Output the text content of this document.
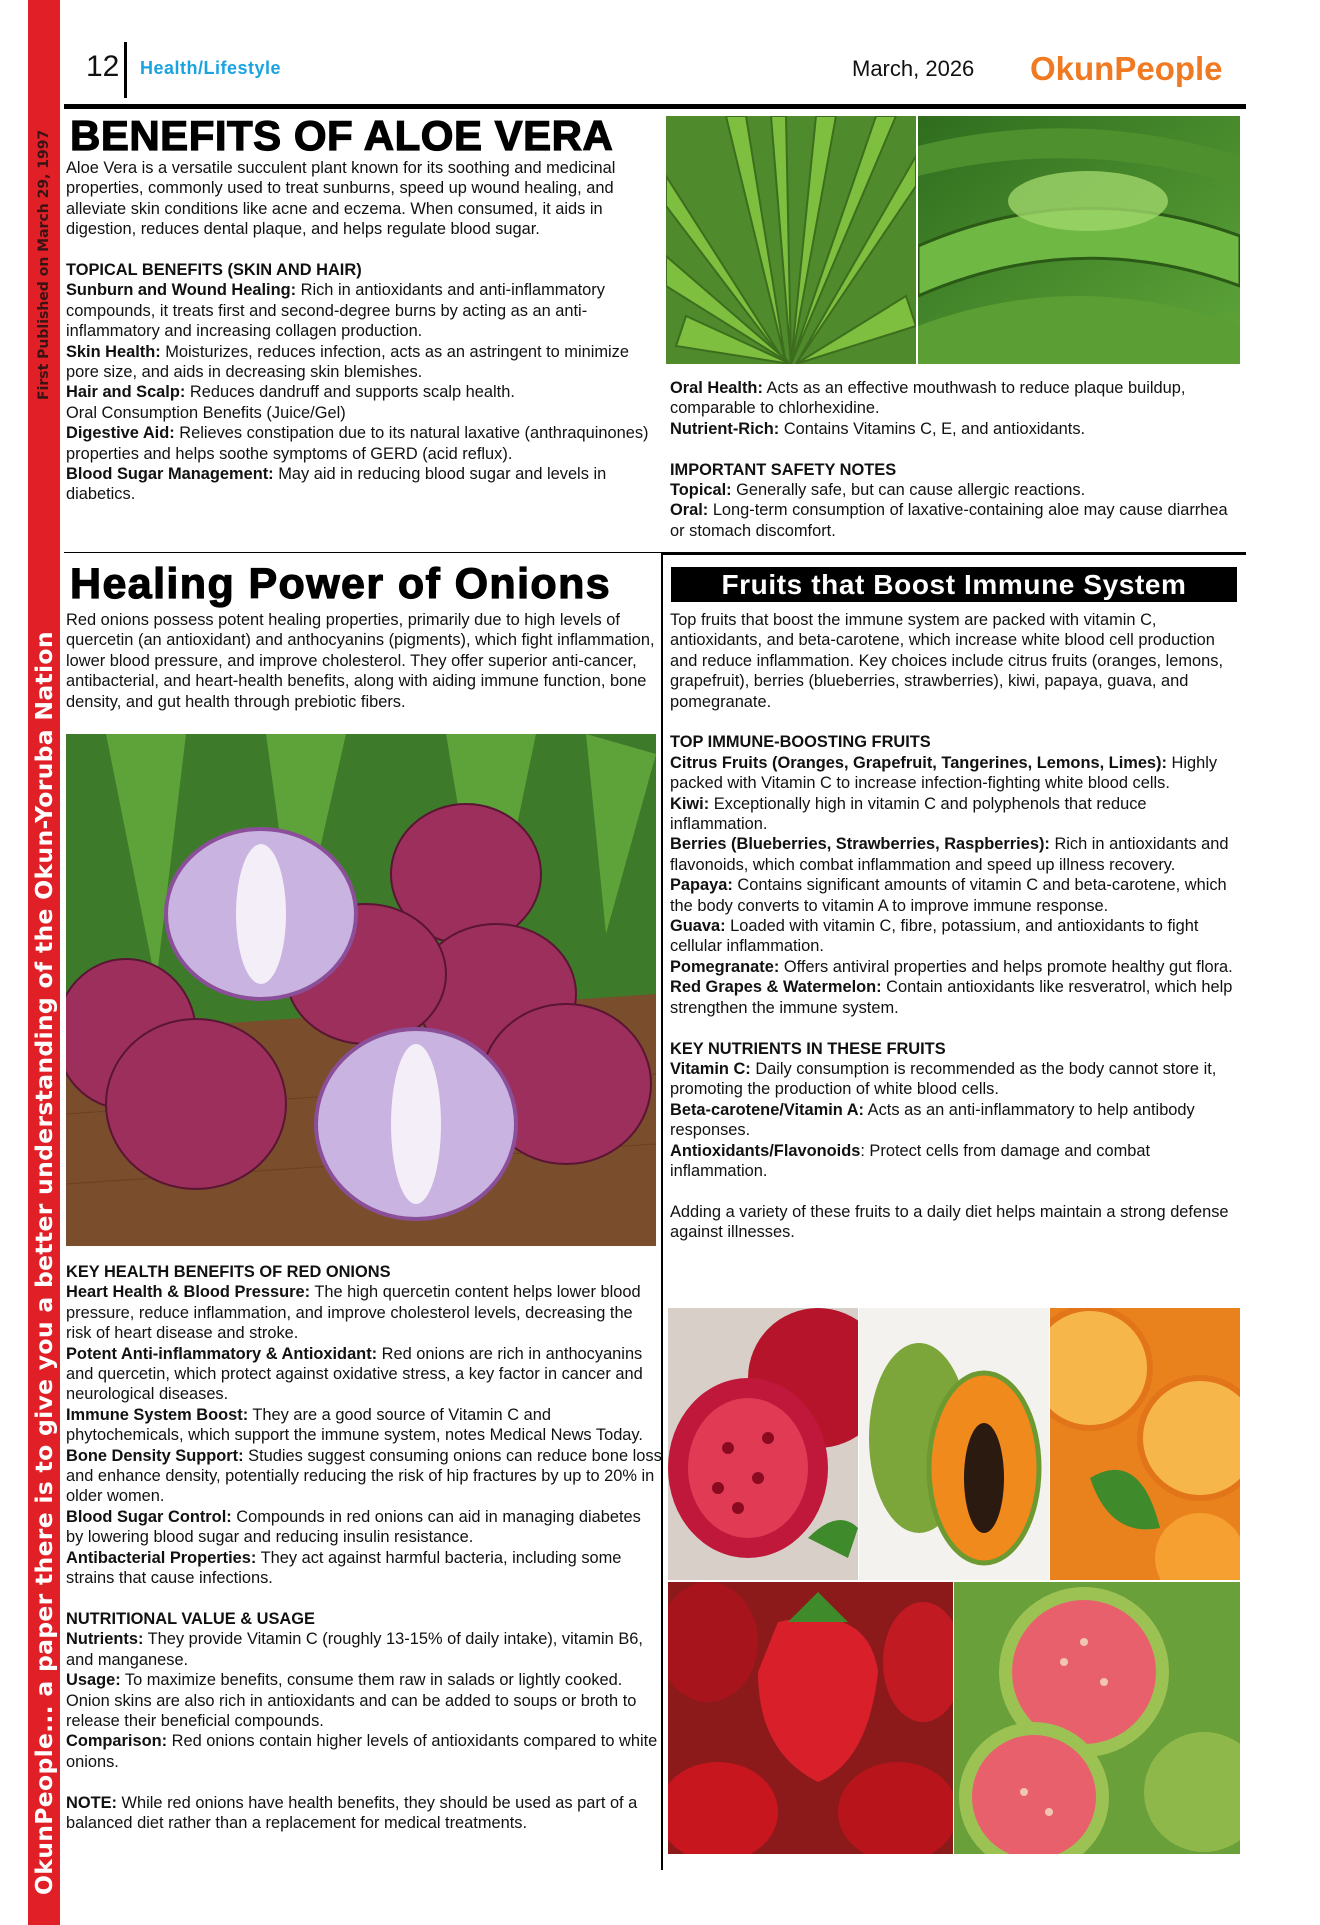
First Published on March 29, 1997
OkunPeople... a paper there is to give you a better understanding of the Okun-Yoruba Nation
12 Health/Lifestyle	March, 2026 OkunPeople
BENEFITS OF ALOE VERA

Aloe Vera is a versatile succulent plant known for its soothing and medicinal properties, commonly used to treat sunburns, speed up wound healing, and alleviate skin conditions like acne and eczema. When consumed, it aids in digestion, reduces dental plaque, and helps regulate blood sugar.

TOPICAL BENEFITS (SKIN AND HAIR)

Sunburn and Wound Healing: Rich in antioxidants and anti-inflammatory compounds, it treats first and second-degree burns by acting as an anti-inflammatory and increasing collagen production.

Skin Health: Moisturizes, reduces infection, acts as an astringent to minimize pore size, and aids in decreasing skin blemishes.

Hair and Scalp: Reduces dandruff and supports scalp health.

Oral Consumption Benefits (Juice/Gel)

Digestive Aid: Relieves constipation due to its natural laxative (anthraquinones) properties and helps soothe symptoms of GERD (acid reflux).

Blood Sugar Management: May aid in reducing blood sugar and levels in diabetics.

Oral Health: Acts as an effective mouthwash to reduce plaque buildup, comparable to chlorhexidine.

Nutrient-Rich: Contains Vitamins C, E, and antioxidants.

IMPORTANT SAFETY NOTES

Topical: Generally safe, but can cause allergic reactions.

Oral: Long-term consumption of laxative-containing aloe may cause diarrhea or stomach discomfort.

Healing Power of Onions
Red onions possess potent healing properties, primarily due to high levels of quercetin (an antioxidant) and anthocyanins (pigments), which fight inflammation, lower blood pressure, and improve cholesterol. They offer superior anti-cancer, antibacterial, and heart-health benefits, along with aiding immune function, bone density, and gut health through prebiotic fibers.

KEY HEALTH BENEFITS OF RED ONIONS

Heart Health & Blood Pressure: The high quercetin content helps lower blood pressure, reduce inflammation, and improve cholesterol levels, decreasing the risk of heart disease and stroke.

Potent Anti-inflammatory & Antioxidant: Red onions are rich in anthocyanins and quercetin, which protect against oxidative stress, a key factor in cancer and neurological diseases.

Immune System Boost: They are a good source of Vitamin C and phytochemicals, which support the immune system, notes Medical News Today.

Bone Density Support: Studies suggest consuming onions can reduce bone loss and enhance density, potentially reducing the risk of hip fractures by up to 20% in older women.

Blood Sugar Control: Compounds in red onions can aid in managing diabetes by lowering blood sugar and reducing insulin resistance.

Antibacterial Properties: They act against harmful bacteria, including some strains that cause infections.

NUTRITIONAL VALUE & USAGE

Nutrients: They provide Vitamin C (roughly 13-15% of daily intake), vitamin B6, and manganese.

Usage: To maximize benefits, consume them raw in salads or lightly cooked. Onion skins are also rich in antioxidants and can be added to soups or broth to release their beneficial compounds.

Comparison: Red onions contain higher levels of antioxidants compared to white onions.

NOTE: While red onions have health benefits, they should be used as part of a balanced diet rather than a replacement for medical treatments.

Fruits that Boost Immune System

Top fruits that boost the immune system are packed with vitamin C, antioxidants, and beta-carotene, which increase white blood cell production and reduce inflammation. Key choices include citrus fruits (oranges, lemons, grapefruit), berries (blueberries, strawberries), kiwi, papaya, guava, and pomegranate.

TOP IMMUNE-BOOSTING FRUITS

Citrus Fruits (Oranges, Grapefruit, Tangerines, Lemons, Limes): Highly packed with Vitamin C to increase infection-fighting white blood cells.

Kiwi: Exceptionally high in vitamin C and polyphenols that reduce inflammation.

Berries (Blueberries, Strawberries, Raspberries): Rich in antioxidants and flavonoids, which combat inflammation and speed up illness recovery.

Papaya: Contains significant amounts of vitamin C and beta-carotene, which the body converts to vitamin A to improve immune response.

Guava: Loaded with vitamin C, fibre, potassium, and antioxidants to fight cellular inflammation.

Pomegranate: Offers antiviral properties and helps promote healthy gut flora.

Red Grapes & Watermelon: Contain antioxidants like resveratrol, which help strengthen the immune system.

KEY NUTRIENTS IN THESE FRUITS

Vitamin C: Daily consumption is recommended as the body cannot store it, promoting the production of white blood cells.

Beta-carotene/Vitamin A: Acts as an anti-inflammatory to help antibody responses.

Antioxidants/Flavonoids: Protect cells from damage and combat inflammation.

Adding a variety of these fruits to a daily diet helps maintain a strong defense against illnesses.
